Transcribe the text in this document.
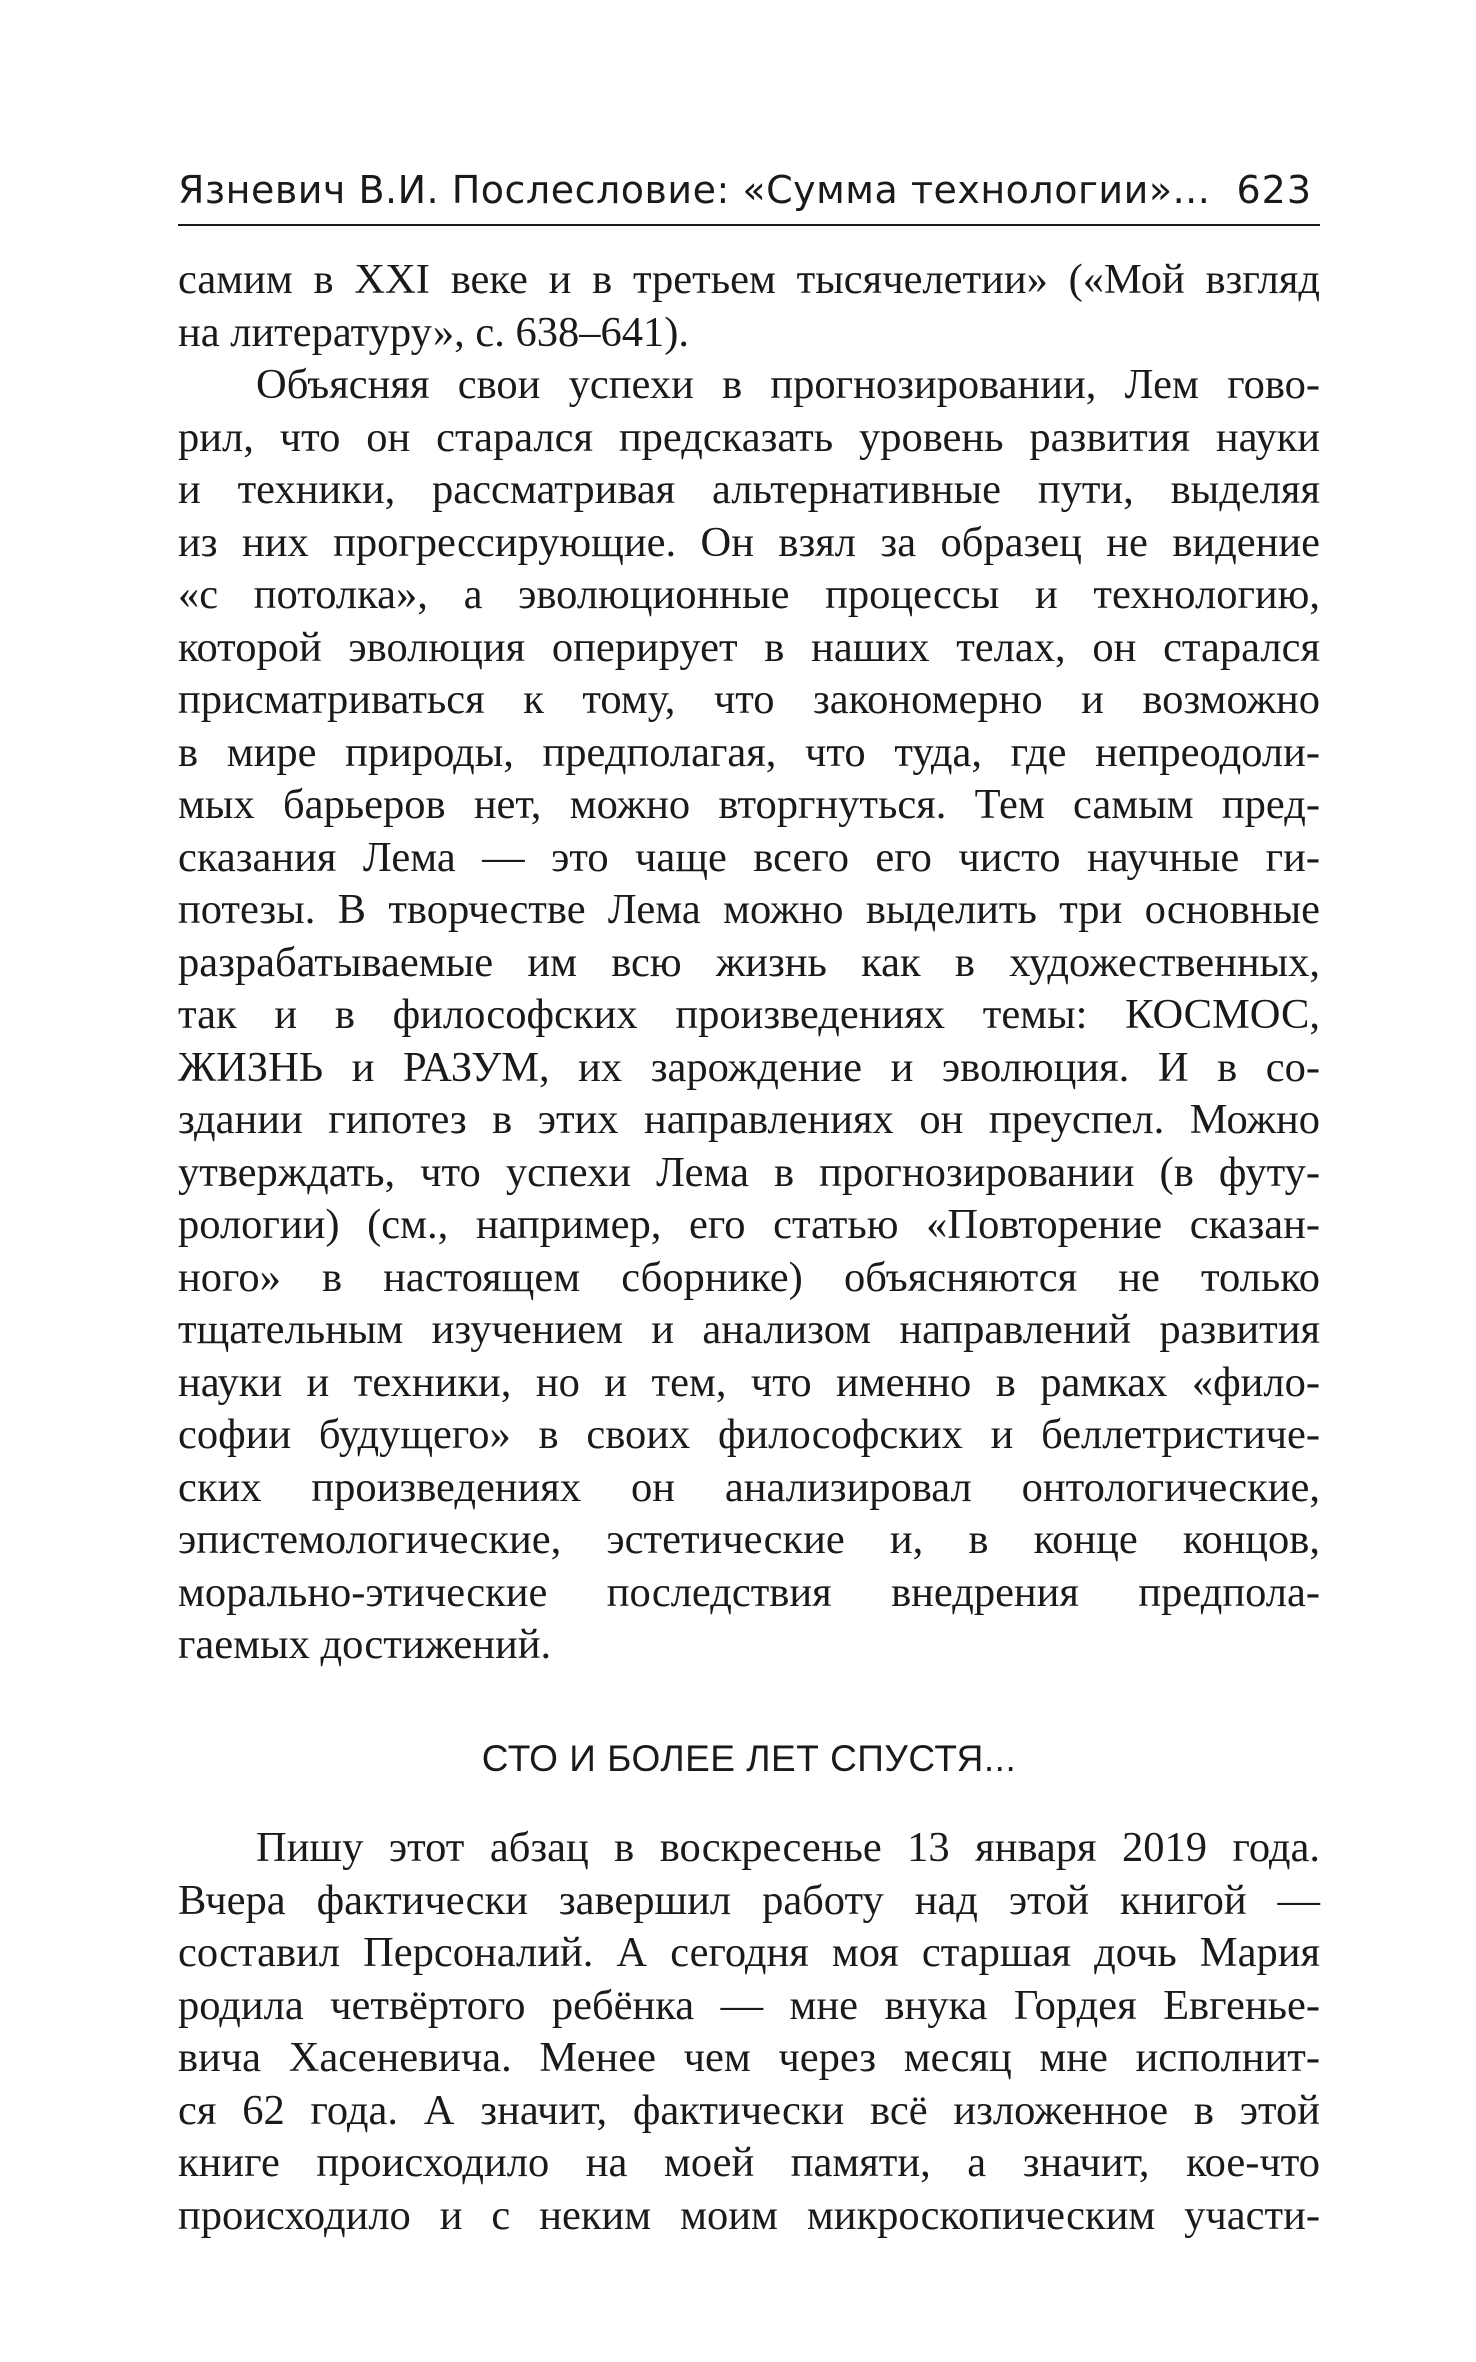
Язневич В.И. Послесловие: «Сумма технологии»... 623
самим в XXI веке и в третьем тысячелетии» («Мой взгляд
на литературу», с. 638–641).
Объясняя свои успехи в прогнозировании, Лем гово-
рил, что он старался предсказать уровень развития науки
и техники, рассматривая альтернативные пути, выделяя
из них прогрессирующие. Он взял за образец не видение
«с потолка», а эволюционные процессы и технологию,
которой эволюция оперирует в наших телах, он старался
присматриваться к тому, что закономерно и возможно
в мире природы, предполагая, что туда, где непреодоли-
мых барьеров нет, можно вторгнуться. Тем самым пред-
сказания Лема — это чаще всего его чисто научные ги-
потезы. В творчестве Лема можно выделить три основные
разрабатываемые им всю жизнь как в художественных,
так и в философских произведениях темы: КОСМОС,
ЖИЗНЬ и РАЗУМ, их зарождение и эволюция. И в со-
здании гипотез в этих направлениях он преуспел. Можно
утверждать, что успехи Лема в прогнозировании (в футу-
рологии) (см., например, его статью «Повторение сказан-
ного» в настоящем сборнике) объясняются не только
тщательным изучением и анализом направлений развития
науки и техники, но и тем, что именно в рамках «фило-
софии будущего» в своих философских и беллетристиче-
ских произведениях он анализировал онтологические,
эпистемологические, эстетические и, в конце концов,
морально-этические последствия внедрения предпола-
гаемых достижений.
СТО И БОЛЕЕ ЛЕТ СПУСТЯ...
Пишу этот абзац в воскресенье 13 января 2019 года.
Вчера фактически завершил работу над этой книгой —
составил Персоналий. А сегодня моя старшая дочь Мария
родила четвёртого ребёнка — мне внука Гордея Евгенье-
вича Хасеневича. Менее чем через месяц мне исполнит-
ся 62 года. А значит, фактически всё изложенное в этой
книге происходило на моей памяти, а значит, кое-что
происходило и с неким моим микроскопическим участи-
